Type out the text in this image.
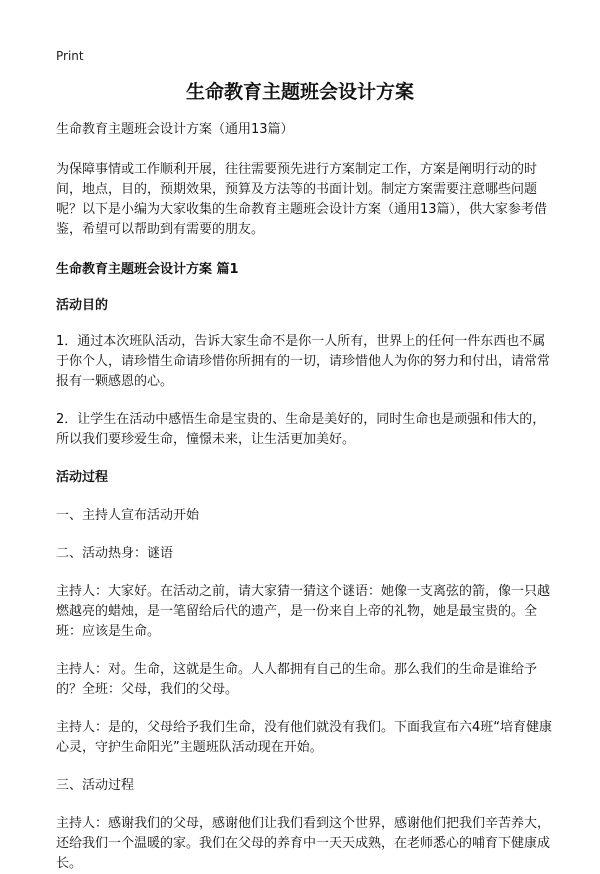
Print
生命教育主题班会设计方案

生命教育主题班会设计方案（通用13篇）

为保障事情或工作顺利开展，往往需要预先进行方案制定工作，方案是阐明行动的时间，地点，目的，预期效果，预算及方法等的书面计划。制定方案需要注意哪些问题呢？以下是小编为大家收集的生命教育主题班会设计方案（通用13篇），供大家参考借鉴，希望可以帮助到有需要的朋友。

生命教育主题班会设计方案 篇1

活动目的

1．通过本次班队活动，告诉大家生命不是你一人所有，世界上的任何一件东西也不属于你个人，请珍惜生命请珍惜你所拥有的一切，请珍惜他人为你的努力和付出，请常常报有一颗感恩的心。

2．让学生在活动中感悟生命是宝贵的、生命是美好的，同时生命也是顽强和伟大的，所以我们要珍爱生命，憧憬未来，让生活更加美好。

活动过程

一、主持人宣布活动开始

二、活动热身：谜语

主持人：大家好。在活动之前，请大家猜一猜这个谜语：她像一支离弦的箭，像一只越燃越亮的蜡烛，是一笔留给后代的遗产，是一份来自上帝的礼物，她是最宝贵的。全班：应该是生命。

主持人：对。生命，这就是生命。人人都拥有自己的生命。那么我们的生命是谁给予的？全班：父母，我们的父母。

主持人：是的，父母给予我们生命，没有他们就没有我们。下面我宣布六4班“培育健康心灵，守护生命阳光”主题班队活动现在开始。

三、活动过程

主持人：感谢我们的父母，感谢他们让我们看到这个世界，感谢他们把我们辛苦养大，还给我们一个温暖的家。我们在父母的养育中一天天成熟，在老师悉心的哺育下健康成长。
